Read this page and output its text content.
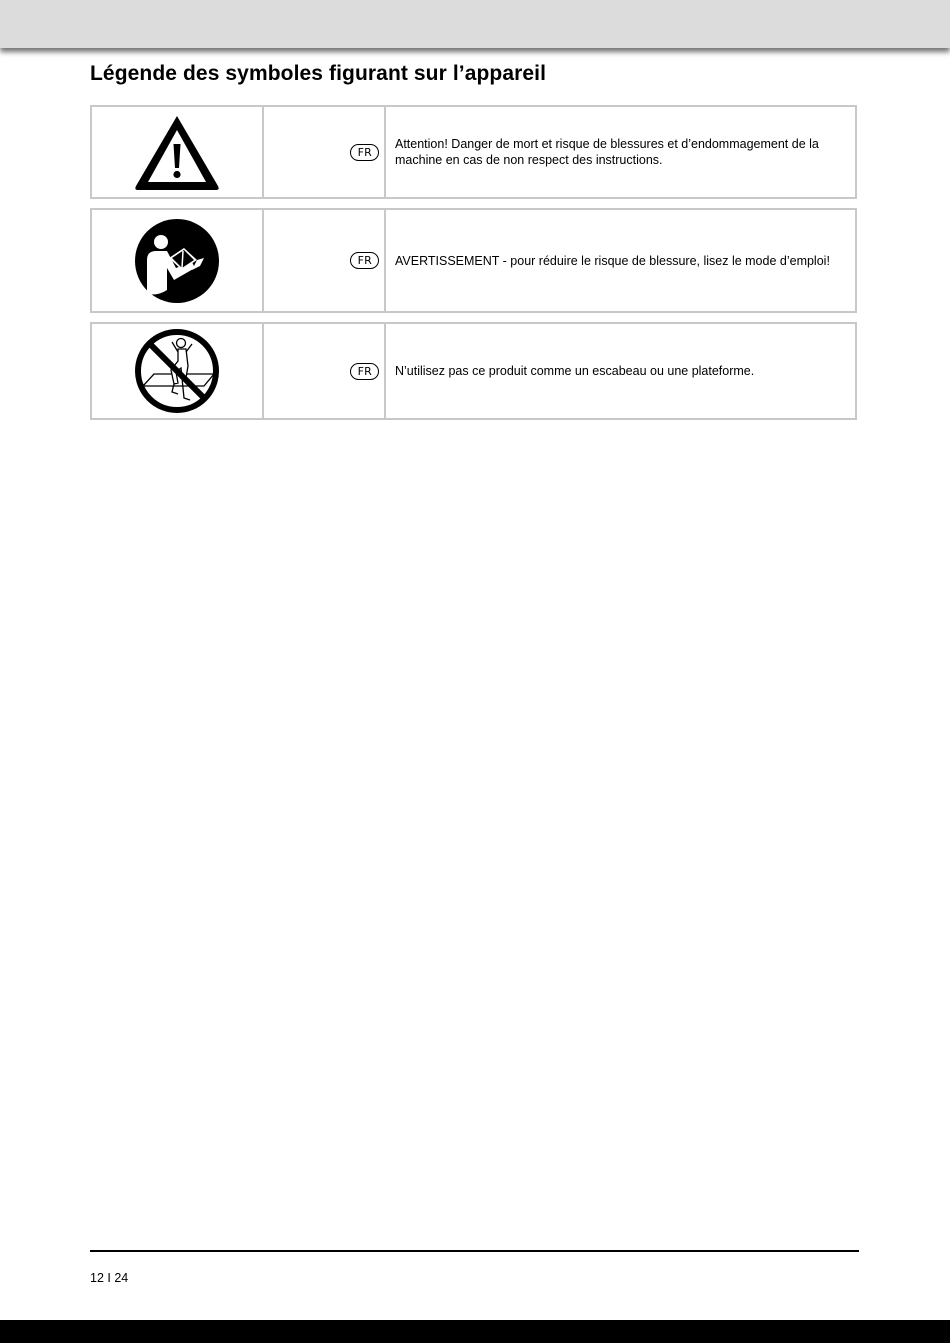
Légende des symboles figurant sur l’appareil
FR
Attention! Danger de mort et risque de blessures et d’endommagement de la machine en cas de non respect des instructions.
FR	AVERTISSEMENT - pour réduire le risque de blessure, lisez le mode d’emploi!
FR	N’utilisez pas ce produit comme un escabeau ou une plateforme.
12 I 24
